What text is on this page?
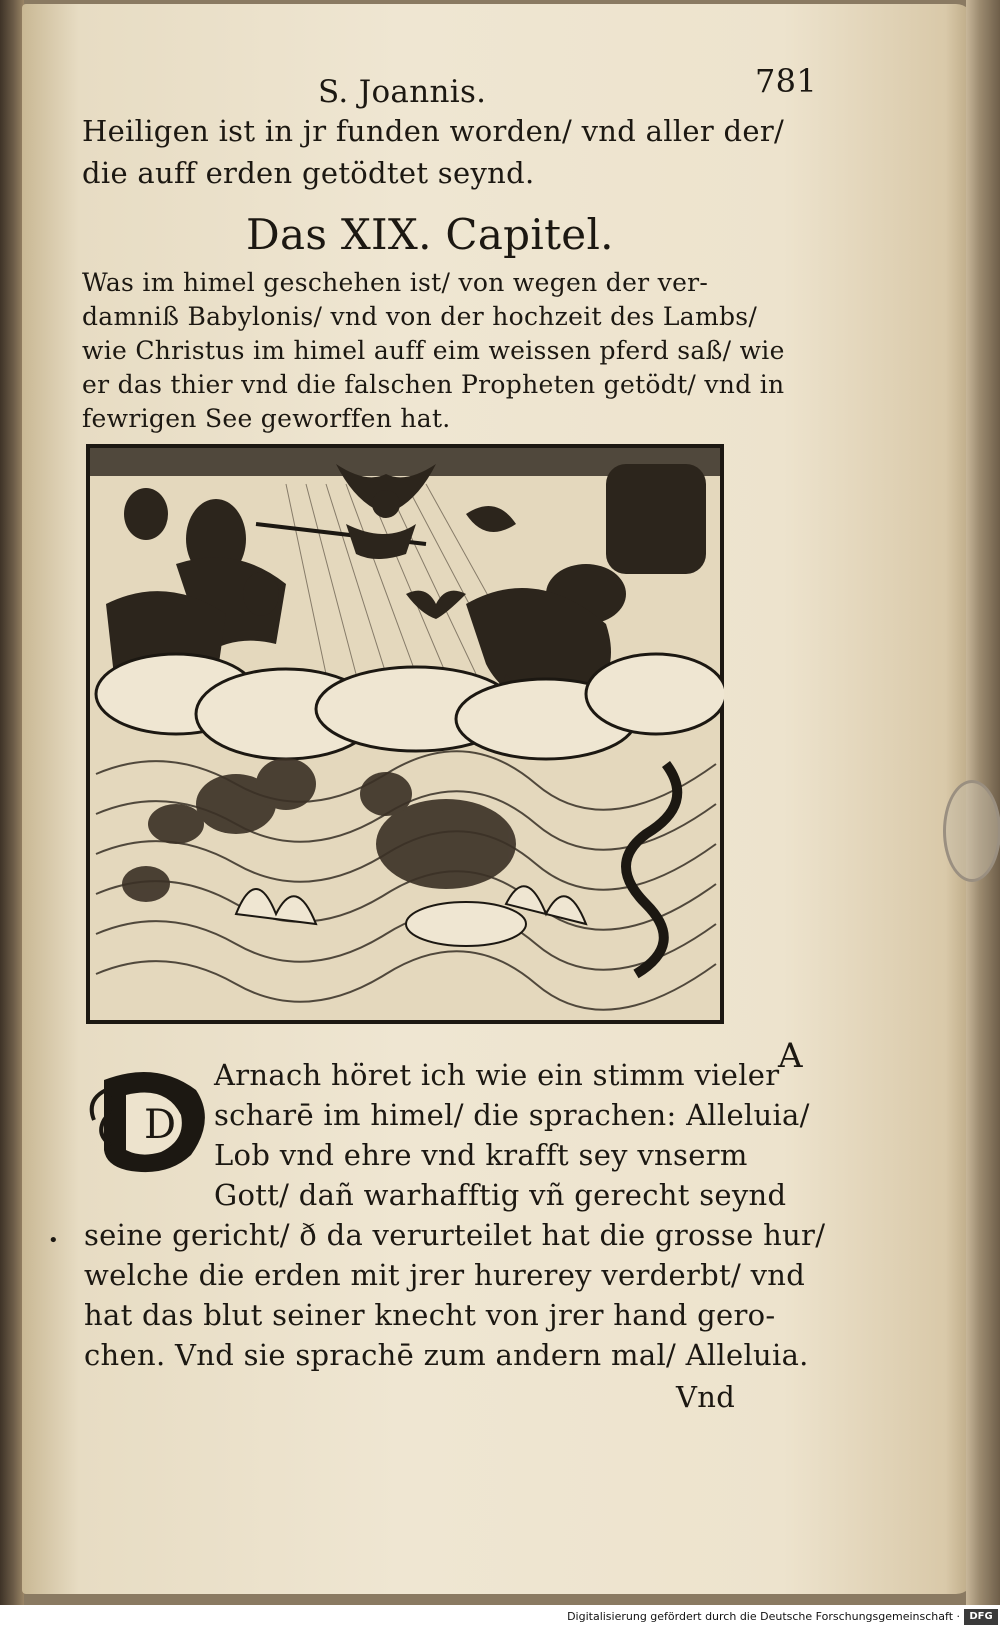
S. Joannis.	781
Heiligen ist in jr funden worden/ vnd aller der/
die auff erden getödtet seynd.
Das XIX. Capitel.
Was im himel geschehen ist/ von wegen der ver-
damniß Babylonis/ vnd von der hochzeit des Lambs/
wie Christus im himel auff eim weissen pferd saß/ wie
er das thier vnd die falschen Propheten getödt/ vnd in
fewrigen See geworffen hat.
D
Arnach höret ich wie ein stimm vieler
scharē im himel/ die sprachen: Alleluia/
Lob vnd ehre vnd krafft sey vnserm
Gott/ dañ warhafftig vñ gerecht seynd
seine gericht/ ð da verurteilet hat die grosse hur/
welche die erden mit jrer hurerey verderbt/ vnd
hat das blut seiner knecht von jrer hand gero-
chen. Vnd sie sprachē zum andern mal/ Alleluia.
Vnd
A
•
Digitalisierung gefördert durch die Deutsche Forschungsgemeinschaft · DFG
